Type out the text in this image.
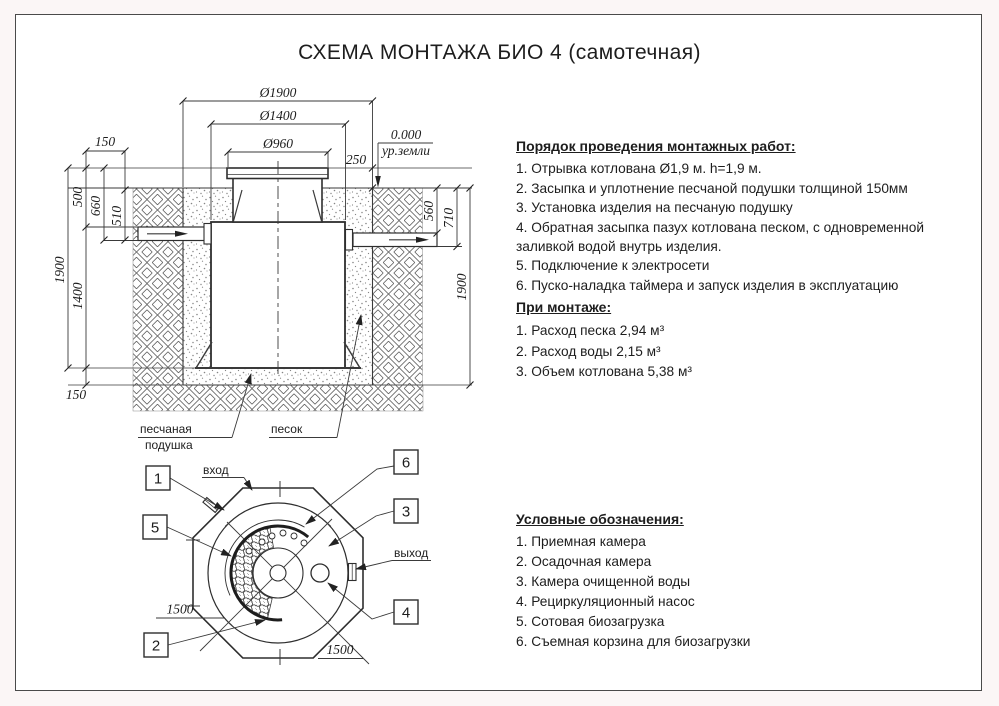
СХЕМА МОНТАЖА БИО 4 (самотечная)
0.000
ур.земли
Ø1900
Ø1400
Ø960
250
150
150
500 660 510
1900
1400
560 710
1900
песчаная
подушка
песок
1500
1500
вход
выход
1
5
2
6
3
4
Порядок проведения монтажных работ:
1. Отрывка котлована Ø1,9 м. h=1,9 м.
2. Засыпка и уплотнение песчаной подушки толщиной 150мм
3. Установка изделия на песчаную подушку
4. Обратная засыпка пазух котлована песком, с одновременной заливкой водой внутрь изделия.
5. Подключение к электросети
6. Пуско-наладка таймера и запуск изделия в эксплуатацию
При монтаже:
1. Расход песка 2,94 м³
2. Расход воды 2,15 м³
3. Объем котлована 5,38 м³
Условные обозначения:
1. Приемная камера
2. Осадочная камера
3. Камера очищенной воды
4. Рециркуляционный насос
5. Сотовая биозагрузка
6. Съемная корзина для биозагрузки
